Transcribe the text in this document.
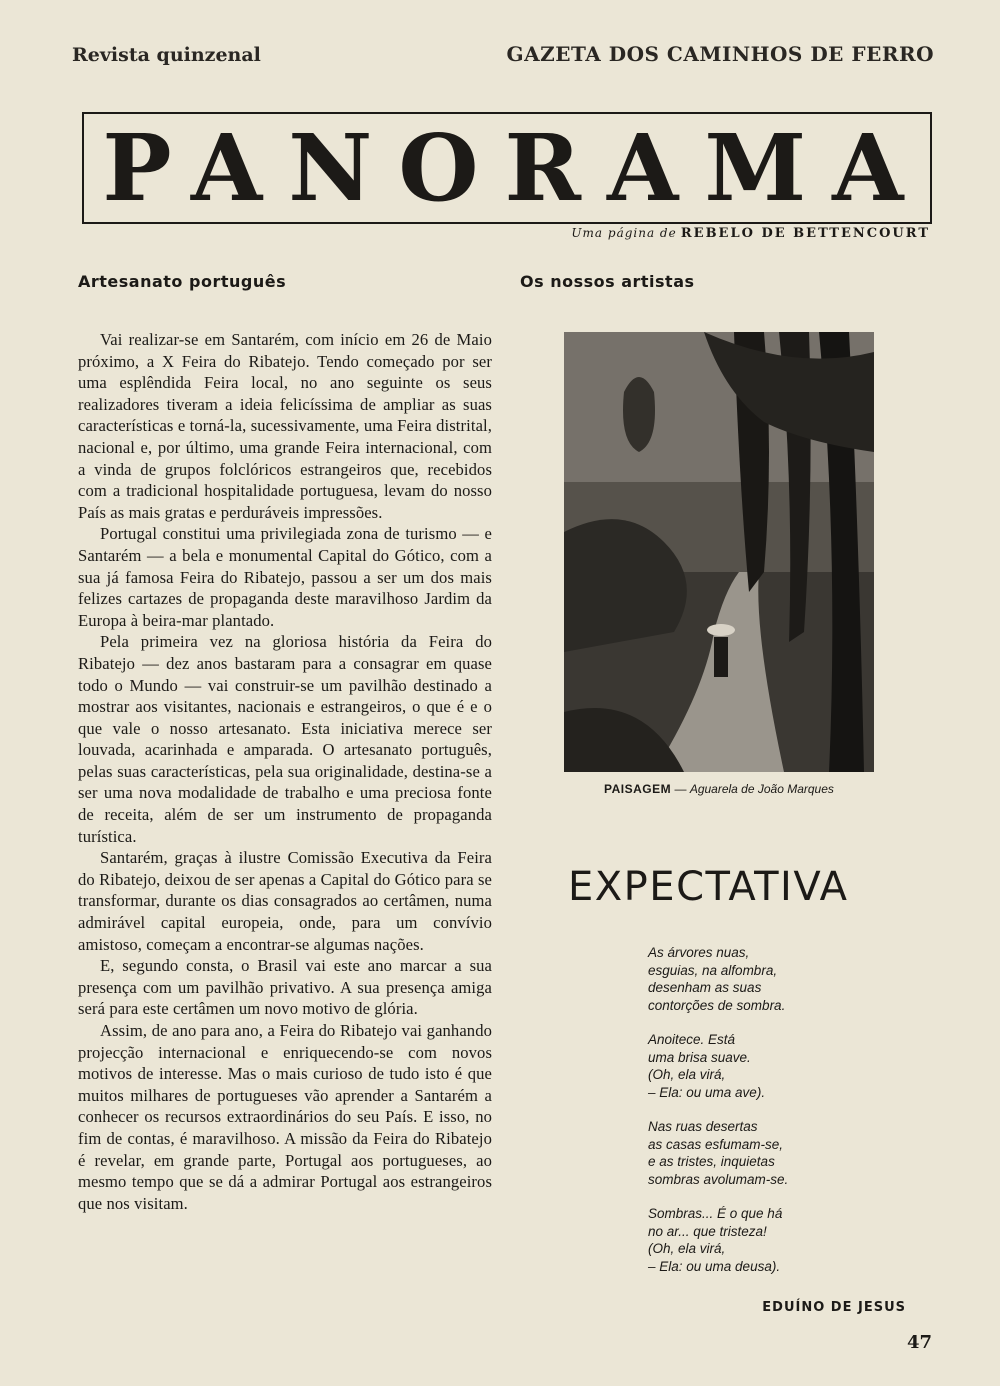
Revista quinzenal	GAZETA DOS CAMINHOS DE FERRO
PANORAMA
Uma página de REBELO DE BETTENCOURT
Artesanato português

Vai realizar-se em Santarém, com início em 26 de Maio próximo, a X Feira do Ribatejo. Tendo começado por ser uma esplêndida Feira local, no ano seguinte os seus realizadores tiveram a ideia felicíssima de ampliar as suas características e torná-la, sucessivamente, uma Feira distrital, nacional e, por último, uma grande Feira internacional, com a vinda de grupos folclóricos estrangeiros que, recebidos com a tradicional hospitalidade portuguesa, levam do nosso País as mais gratas e perduráveis impressões.

Portugal constitui uma privilegiada zona de turismo — e Santarém — a bela e monumental Capital do Gótico, com a sua já famosa Feira do Ribatejo, passou a ser um dos mais felizes cartazes de propaganda deste maravilhoso Jardim da Europa à beira-mar plantado.

Pela primeira vez na gloriosa história da Feira do Ribatejo — dez anos bastaram para a consagrar em quase todo o Mundo — vai construir-se um pavilhão destinado a mostrar aos visitantes, nacionais e estrangeiros, o que é e o que vale o nosso artesanato. Esta iniciativa merece ser louvada, acarinhada e amparada. O artesanato português, pelas suas características, pela sua originalidade, destina-se a ser uma nova modalidade de trabalho e uma preciosa fonte de receita, além de ser um instrumento de propaganda turística.

Santarém, graças à ilustre Comissão Executiva da Feira do Ribatejo, deixou de ser apenas a Capital do Gótico para se transformar, durante os dias consagrados ao certâmen, numa admirável capital europeia, onde, para um convívio amistoso, começam a encontrar-se algumas nações.

E, segundo consta, o Brasil vai este ano marcar a sua presença com um pavilhão privativo. A sua presença amiga será para este certâmen um novo motivo de glória.

Assim, de ano para ano, a Feira do Ribatejo vai ganhando projecção internacional e enriquecendo-se com novos motivos de interesse. Mas o mais curioso de tudo isto é que muitos milhares de portugueses vão aprender a Santarém a conhecer os recursos extraordinários do seu País. E isso, no fim de contas, é maravilhoso. A missão da Feira do Ribatejo é revelar, em grande parte, Portugal aos portugueses, ao mesmo tempo que se dá a admirar Portugal aos estrangeiros que nos visitam.

Os nossos artistas
PAISAGEM — Aguarela de João Marques
EXPECTATIVA
As árvores nuas,
esguias, na alfombra,
desenham as suas
contorções de sombra.
Anoitece. Está
uma brisa suave.
(Oh, ela virá,
– Ela: ou uma ave).
Nas ruas desertas
as casas esfumam-se,
e as tristes, inquietas
sombras avolumam-se.
Sombras... É o que há
no ar... que tristeza!
(Oh, ela virá,
– Ela: ou uma deusa).
EDUÍNO DE JESUS
47
